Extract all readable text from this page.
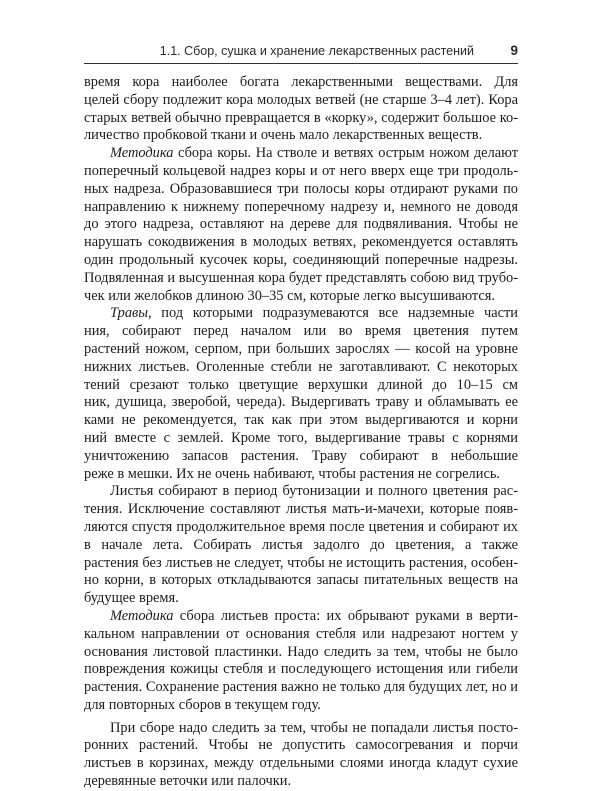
1.1. Сбор, сушка и хранение лекарственных растений	9
время кора наиболее богата лекарственными веществами. Для
целей сбору подлежит кора молодых ветвей (не старше 3–4 лет). Кора
старых ветвей обычно превращается в «корку», содержит большое ко-
личество пробковой ткани и очень мало лекарственных веществ.
Методика сбора коры. На стволе и ветвях острым ножом делают
поперечный кольцевой надрез коры и от него вверх еще три продоль-
ных надреза. Образовавшиеся три полосы коры отдирают руками по
направлению к нижнему поперечному надрезу и, немного не доводя
до этого надреза, оставляют на дереве для подвяливания. Чтобы не
нарушать сокодвижения в молодых ветвях, рекомендуется оставлять
один продольный кусочек коры, соединяющий поперечные надрезы.
Подвяленная и высушенная кора будет представлять собою вид трубо-
чек или желобков длиною 30–35 см, которые легко высушиваются.
Травы, под которыми подразумеваются все надземные части
ния, собирают перед началом или во время цветения путем
растений ножом, серпом, при больших зарослях — косой на уровне
нижних листьев. Оголенные стебли не заготавливают. С некоторых
тений срезают только цветущие верхушки длиной до 10–15 см
ник, душица, зверобой, череда). Выдергивать траву и обламывать ее
ками не рекомендуется, так как при этом выдергиваются и корни
ний вместе с землей. Кроме того, выдергивание травы с корнями
уничтожению запасов растения. Траву собирают в небольшие
реже в мешки. Их не очень набивают, чтобы растения не согрелись.
Листья собирают в период бутонизации и полного цветения рас-
тения. Исключение составляют листья мать-и-мачехи, которые появ-
ляются спустя продолжительное время после цветения и собирают их
в начале лета. Собирать листья задолго до цветения, а также
растения без листьев не следует, чтобы не истощить растения, особен-
но корни, в которых откладываются запасы питательных веществ на
будущее время.
Методика сбора листьев проста: их обрывают руками в верти-
кальном направлении от основания стебля или надрезают ногтем у
основания листовой пластинки. Надо следить за тем, чтобы не было
повреждения кожицы стебля и последующего истощения или гибели
растения. Сохранение растения важно не только для будущих лет, но и
для повторных сборов в текущем году.
При сборе надо следить за тем, чтобы не попадали листья посто-
ронних растений. Чтобы не допустить самосогревания и порчи
листьев в корзинах, между отдельными слоями иногда кладут сухие
деревянные веточки или палочки.
